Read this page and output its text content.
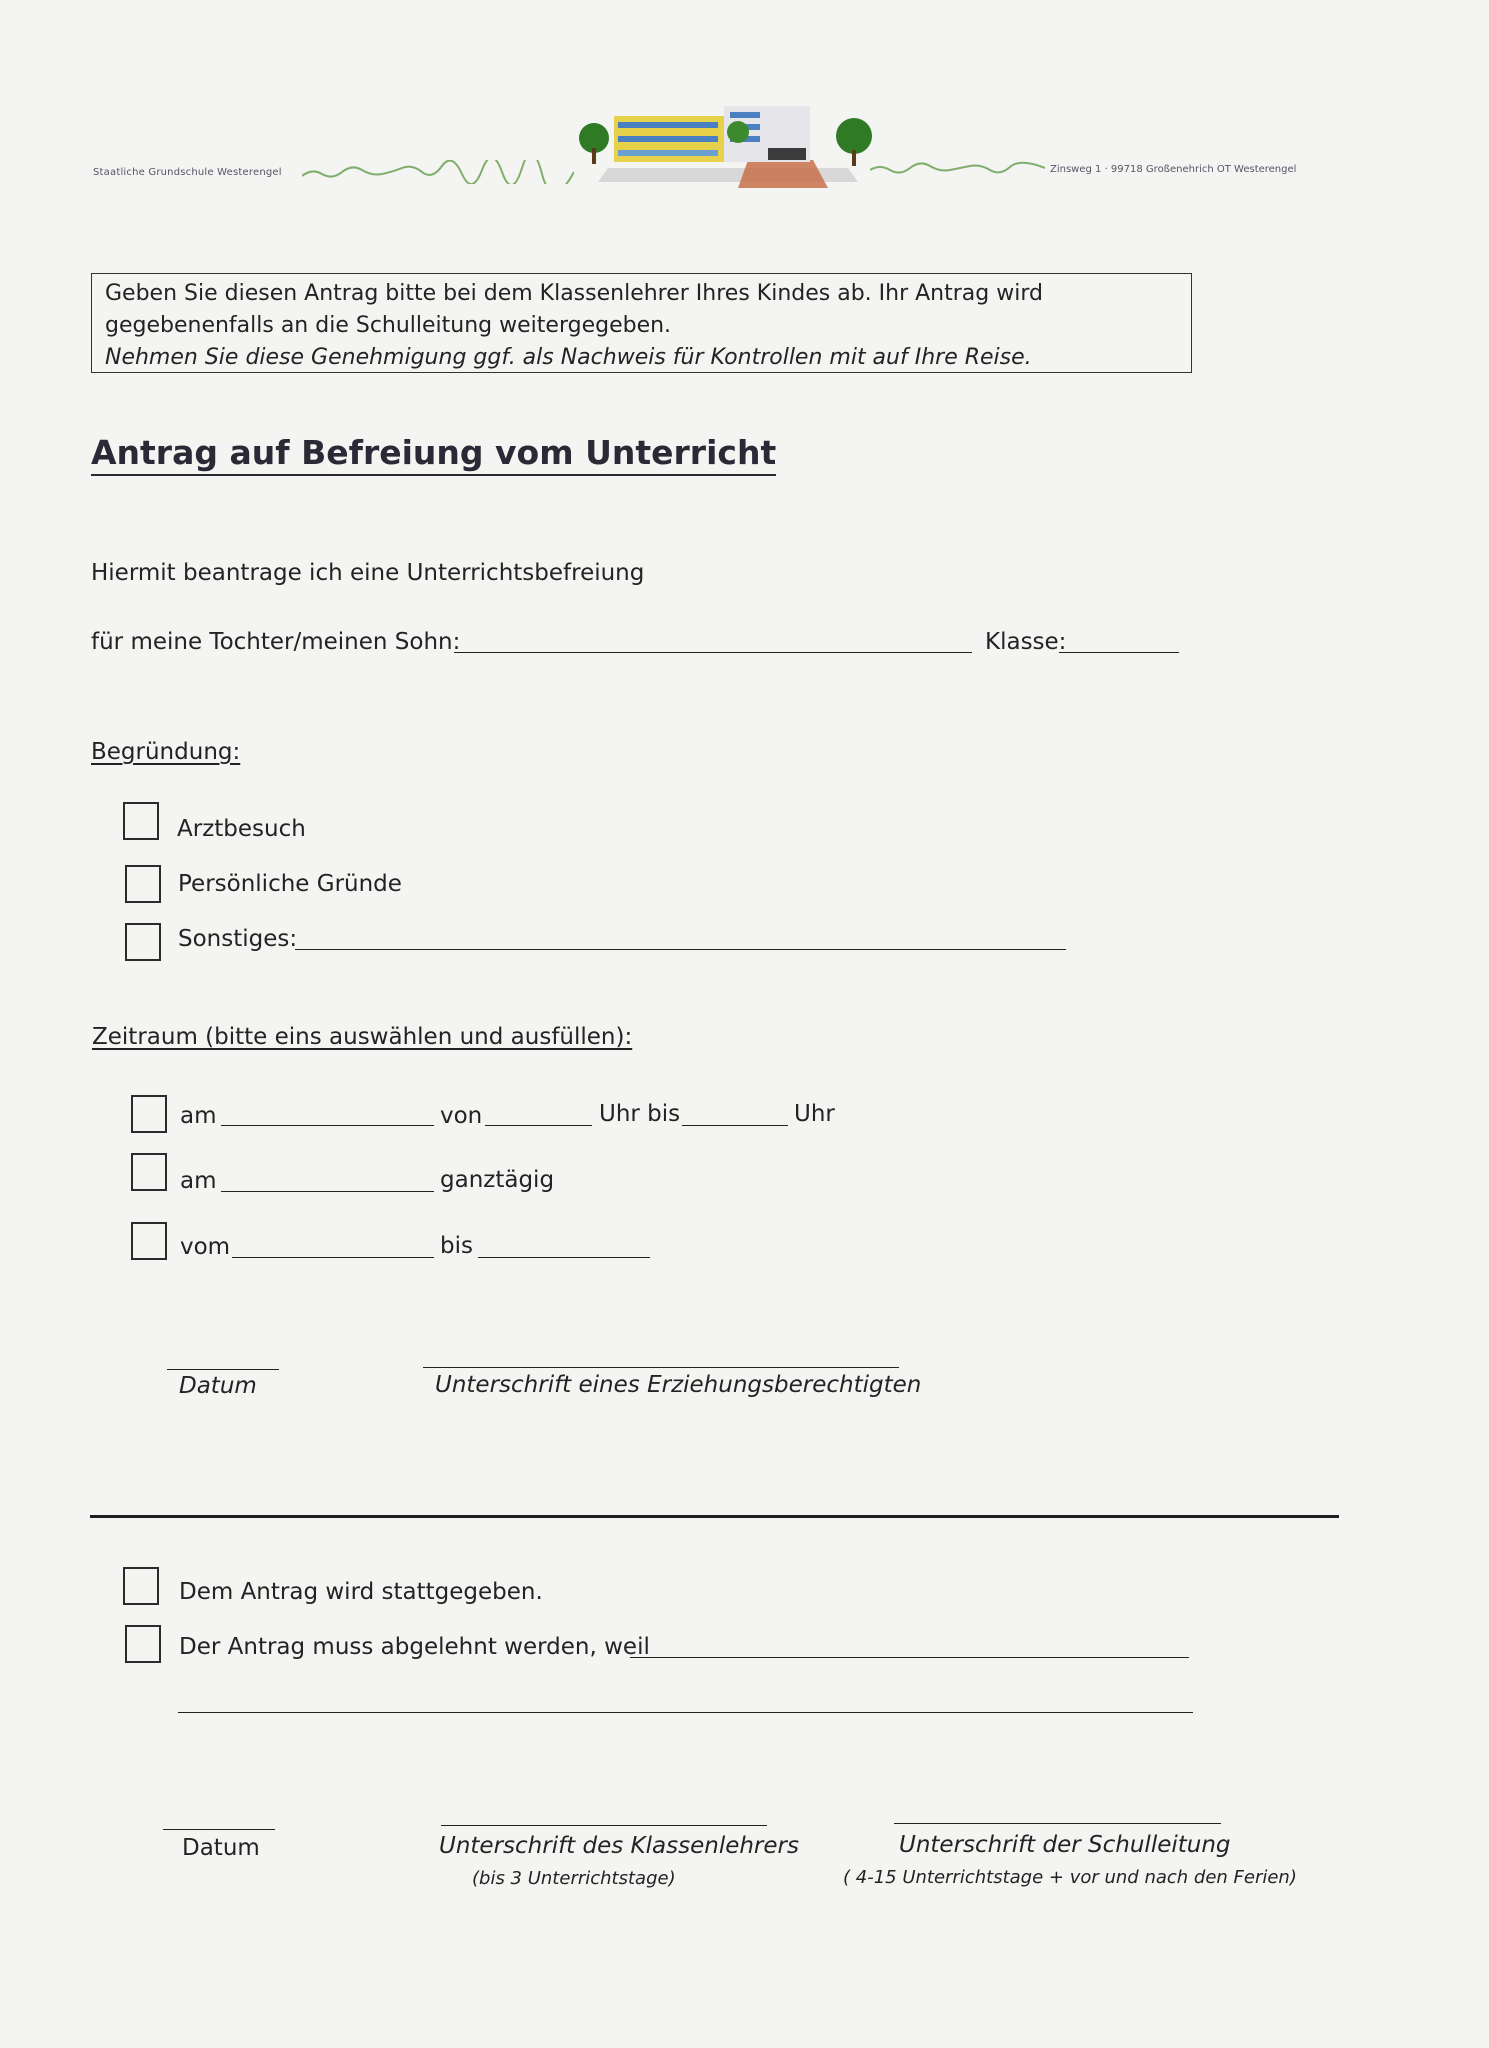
Staatliche Grundschule Westerengel	Zinsweg 1 · 99718 Großenehrich OT Westerengel
Geben Sie diesen Antrag bitte bei dem Klassenlehrer Ihres Kindes ab. Ihr Antrag wird
gegebenenfalls an die Schulleitung weitergegeben.
Nehmen Sie diese Genehmigung ggf. als Nachweis für Kontrollen mit auf Ihre Reise.
Antrag auf Befreiung vom Unterricht
Hiermit beantrage ich eine Unterrichtsbefreiung
für meine Tochter/meinen Sohn:	Klasse:
Begründung:
Arztbesuch
Persönliche Gründe
Sonstiges:
Zeitraum (bitte eins auswählen und ausfüllen):
am	von	Uhr bis	Uhr
am	ganztägig
vom	bis
Datum	Unterschrift eines Erziehungsberechtigten
Dem Antrag wird stattgegeben.
Der Antrag muss abgelehnt werden, weil
Datum	Unterschrift des Klassenlehrers
(bis 3 Unterrichtstage)
Unterschrift der Schulleitung
( 4-15 Unterrichtstage + vor und nach den Ferien)
